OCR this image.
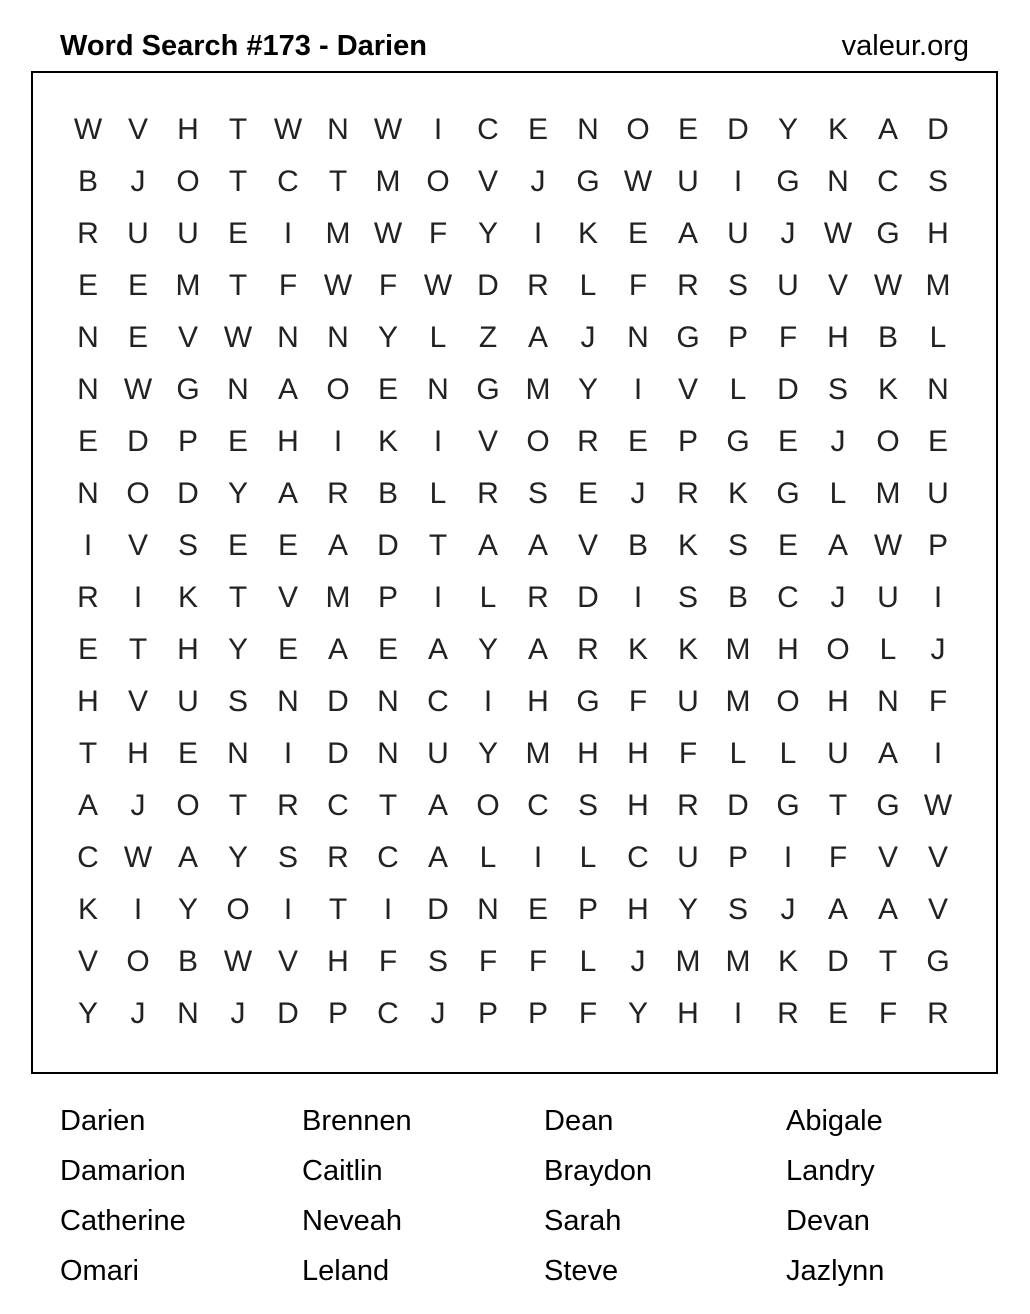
Word Search #173 - Darien	valeur.org
W V H	T W N W	I	C E N O E D Y K A D
B	J	O T	C	T M O V	J	G W U	I	G N C S
R U U E	I	M W F	Y	I	K E A U	J W G H
E E M T	F W F W D R	L	F	R S U V W M
N E V W N N Y	L	Z	A	J	N G P	F	H B	L
N W G N A O E N G M Y	I	V	L	D S K N
E D P E H	I	K	I	V O R E P G E	J	O E
N O D Y A R B	L	R S E	J	R K G L M U
I	V S E E A D	T	A A V B K S E A W P
R	I	K	T	V M P	I	L	R D	I	S B C	J	U	I
E	T	H Y E A E A Y A R K K M H O L	J
H V U S N D N C	I	H G F	U M O H N	F
T	H E N	I	D N U Y M H H	F	L	L	U A	I
A	J	O T	R C	T	A O C S H R D G T G W
C W A Y S R C A	L	I	L	C U P	I	F	V V
K	I	Y O	I	T	I	D N E P H Y S	J	A A V
V O B W V H	F	S	F	F	L	J	M M K D	T G
Y	J	N	J	D P C	J	P P	F	Y H	I	R E	F	R
Darien	Brennen	Dean	Abigale
Damarion	Caitlin	Braydon	Landry
Catherine	Neveah	Sarah	Devan
Omari	Leland	Steve	Jazlynn
